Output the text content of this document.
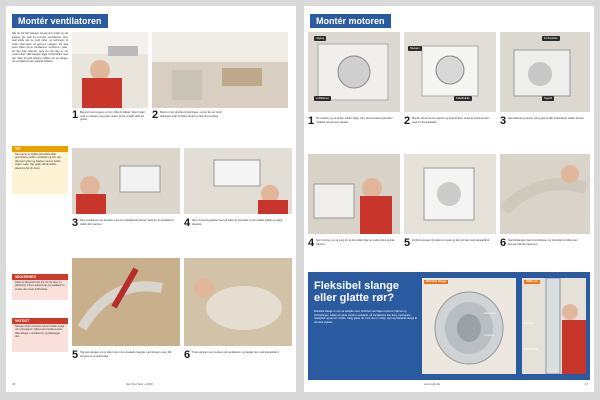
Montér ventilatoren
Når du har ført slangen ud gennem hullet og sat kappen på, skal du montere ventilatoren. Den skal sidde tæt op mod loftet, og ledningen til strøm skal føres ud gennem væggen. Du skal være sikker på at ventilatoren monteres i vater, så den ikke vibrerer. Hvis du har lagt et rør under loftet, skal slangen ligge i forbindelse med det. Sørg for god tætning mellem rør og slange, så ventilatoren kan arbejde effektivt.
1 Begynd med at tegne et hul i loftet til stikket. Skær hullet med en stiksav. Læg papir under, så du undgår skidt på gulvet.	2 Mærk et hul på loftet til ledningen, og bor det ud. Hold ledningen inde fra loftet så den er klar til montering.
TIP
Sæt gerne et stykke skumplast eller gummiliste mellem ventilator og loft, det dæmper lyden og hjælper med at holde støjen nede. Tag også mål af hullets placering før du borer.
3 Skru ventilatoren op på loftet med de medfølgende skruer. Sørg for at ventilatoren sidder helt vandret.	4 Skru monteringspladen fast på loftet og kontroller at den sidder stabilt og rigtigt placeret.
SIKKERHED
Husk at slå strømmen fra, før du laver el-tilslutning. Få en autoriseret el-installatør til at lave den faste forbindelse.
VIGTIGT
Slangen skal monteres så den falder svagt ud mod kappen. Ellers kan kondensvand løbe tilbage i ventilatoren og ødelægge den.
5 Tag opp slangen ud og afkort den i den ønskede længde. Lad slangen være lidt længere end nødvendigt.	6 Træk slangen over studsen på ventilatoren og fastgør den med slangebånd.
46	Gør Det Selv • 2020
Montér motoren
Afgang
Lufttilførsel
Slangen
Kabelbakke
Forbindelse
Spjæld
1 Fit motoren og se at den sidder rigtigt. Den skal monteres så luften trækkes ud gennem kappen.	2 Montér skruerne på motoren og spænd dem. Husk at stramme dem med en skruetrækker.	3 Sæt dæksel og skruer på og tjek at alle forbindelser sidder korrekt.
4 Sæt motoren op og sørg for at den sidder lige op under loftet og ikke vibrerer.	5 Forbind slangen til motorens studs og lås den fast med slangebånd. 6 Sæt luftslangen fast til ventilatoren og kontrollér at luften kan komme uhindret igennem.
Fleksibel slange eller glatte rør?
Fleksibel slange er nem at arbejde med, fordi den kan bøjes rundt om hjørner og forhindringer. Glatte rør giver mindre modstand, så ventilatoren kan køre med lavere hastighed og larmer mindre. Vælg glatte rør, hvor det er muligt, og brug fleksibel slange til de korte stykker.
Fleksibel slange
Aluminium
Vinkelrør
Glatte rør
Samling
Slangebånd
www.gds.dk	47
